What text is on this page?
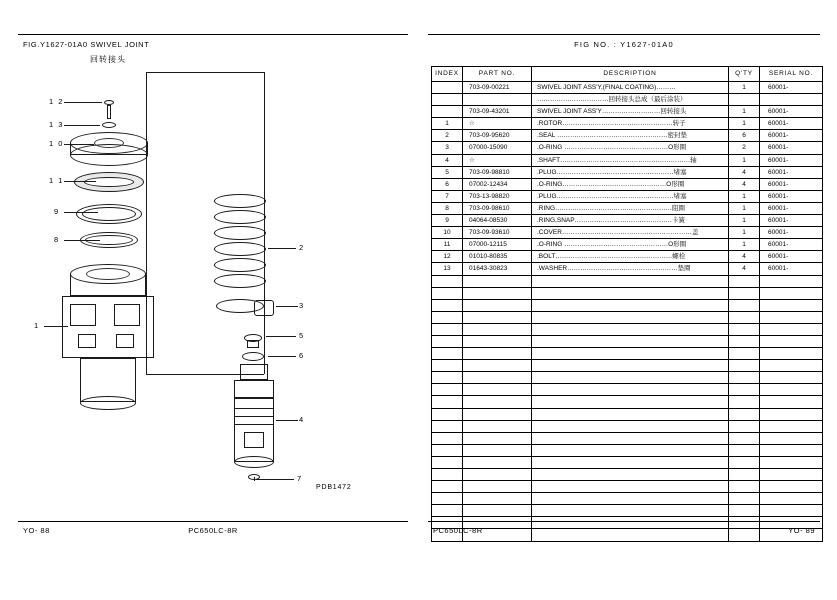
FIG.Y1627-01A0 SWIVEL JOINT
回转接头
1 2
1 3
1 0
1 1
9
8
1
2
3
4
5
6
7
PDB1472
PC650LC-8R
YO- 88
FIG NO. : Y1627-01A0
INDEX	PART NO.	DESCRIPTION	Q'TY	SERIAL NO.
	703-09-00221	SWIVEL JOINT ASS'Y,(FINAL COATING)………	1	60001-
		……………………………回转接头总成（最后涂装）		
	703-09-43201	SWIVEL JOINT ASS'Y………………………回转接头	1	60001-
1	☆	.ROTOR……………………………………………转子	1	60001-
2	703-09-95620	.SEAL ……………………………………………密封垫	6	60001-
3	07000-15090	.O-RING …………………………………………O形圈	2	60001-
4	☆	.SHAFT……………………………………………………轴	1	60001-
5	703-09-98810	.PLUG………………………………………………堵塞	4	60001-
6	07002-12434	.O-RING…………………………………………O形圈	4	60001-
7	703-13-98820	.PLUG………………………………………………堵塞	1	60001-
8	703-09-98610	.RING………………………………………………阻圈	1	60001-
9	04064-08530	.RING,SNAP………………………………………卡簧	1	60001-
10	703-09-93610	.COVER……………………………………………………盖	1	60001-
11	07000-12115	.O-RING …………………………………………O形圈	1	60001-
12	01010-80835	.BOLT………………………………………………螺栓	4	60001-
13	01643-30823	.WASHER……………………………………………垫圈	4	60001-

PC650LC-8R	YO- 89
